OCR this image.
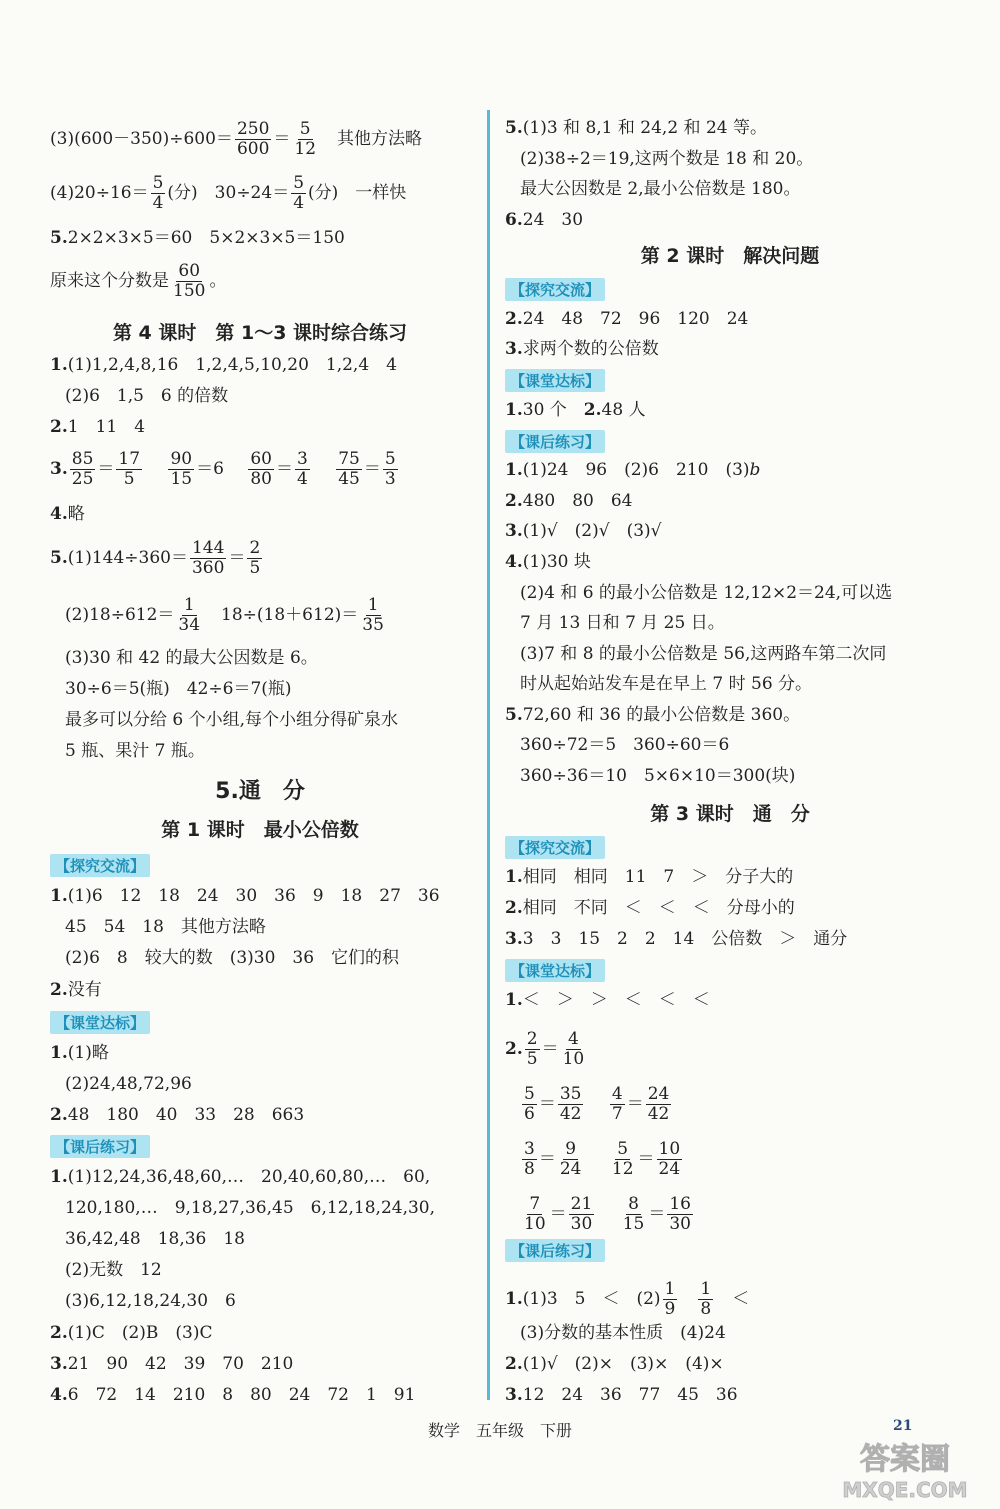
$(3)(600-350)\div 600= \frac{250}{600} = \frac{5}{12}$
　 其他方法略
$(4)20\div 16= \frac{5}{4}$ (分)　$30\div 24= \frac{5}{4}$ (分)　一样快
5.2×2×3×5＝60　5×2×3×5＝150
原来这个分数是 $\frac{60}{150}$ 。
第 4 课时　第 1～3 课时综合练习
1.(1)1,2,4,8,16　1,2,4,5,10,20　1,2,4　4
(2)6　1,5　6 的倍数
2.1　11　4
3. $\frac{85}{25} = \frac{17}{5}$
　 $\frac{90}{15} =6$　 $\frac{60}{80} = \frac{3}{4}$
　 $\frac{75}{45} = \frac{5}{3}$
4.略
$5.(1)144\div 360= \frac{144}{360} = \frac{2}{5}$
$(2)18\div 612= \frac{1}{34}$
　 $18\div(18+612)= \frac{1}{35}$
(3)30 和 42 的最大公因数是 6。
30÷6＝5(瓶)　42÷6＝7(瓶)
最多可以分给 6 个小组,每个小组分得矿泉水
5 瓶、果汁 7 瓶。
5.通　分
第 1 课时　最小公倍数
【探究交流】
1.(1)6　12　18　24　30　36　9　18　27　36
45　54　18　其他方法略
(2)6　8　较大的数　(3)30　36　它们的积
2.没有
【课堂达标】
1.(1)略
(2)24,48,72,96
2.48　180　40　33　28　663
【课后练习】
1.(1)12,24,36,48,60,…　20,40,60,80,…　60,
120,180,…　9,18,27,36,45　6,12,18,24,30,
36,42,48　18,36　18
(2)无数　12
(3)6,12,18,24,30　6
2.(1)C　(2)B　(3)C
3.21　90　42　39　70　210
4.6　72　14　210　8　80　24　72　1　91
5.(1)3 和 8,1 和 24,2 和 24 等。
(2)38÷2＝19,这两个数是 18 和 20。
最大公因数是 2,最小公倍数是 180。
6.24　30
第 2 课时　解决问题
【探究交流】
2.24　48　72　96　120　24
3.求两个数的公倍数
【课堂达标】
1.30 个　2.48 人
【课后练习】
1.(1)24　96　(2)6　210　(3)b
2.480　80　64
3.(1)√　(2)√　(3)√
4.(1)30 块
(2)4 和 6 的最小公倍数是 12,12×2＝24,可以选
7 月 13 日和 7 月 25 日。
(3)7 和 8 的最小公倍数是 56,这两路车第二次同
时从起始站发车是在早上 7 时 56 分。
5.72,60 和 36 的最小公倍数是 360。
360÷72＝5　360÷60＝6
360÷36＝10　5×6×10＝300(块)
第 3 课时　通　分
【探究交流】
1.相同　相同　11　7　＞　分子大的
2.相同　不同　＜　＜　＜　分母小的
3.3　3　15　2　2　14　公倍数　＞　通分
【课堂达标】
1.＜　＞　＞　＜　＜　＜
2. $\frac{2}{5} = \frac{4}{10}$
$\frac{5}{6} = \frac{35}{42}$
　 $\frac{4}{7} = \frac{24}{42}$
$\frac{3}{8} = \frac{9}{24}$
　 $\frac{5}{12} = \frac{10}{24}$
$\frac{7}{10} = \frac{21}{30}$
　 $\frac{8}{15} = \frac{16}{30}$
【课后练习】
1.(1)3　5　＜　$(2) \frac{1}{9}$
　 $\frac{1}{8}$
　 ＜
(3)分数的基本性质　(4)24
2.(1)√　(2)×　(3)×　(4)×
3.12　24　36　77　45　36
数学　五年级　下册	21
答案圈
MXQE.COM
